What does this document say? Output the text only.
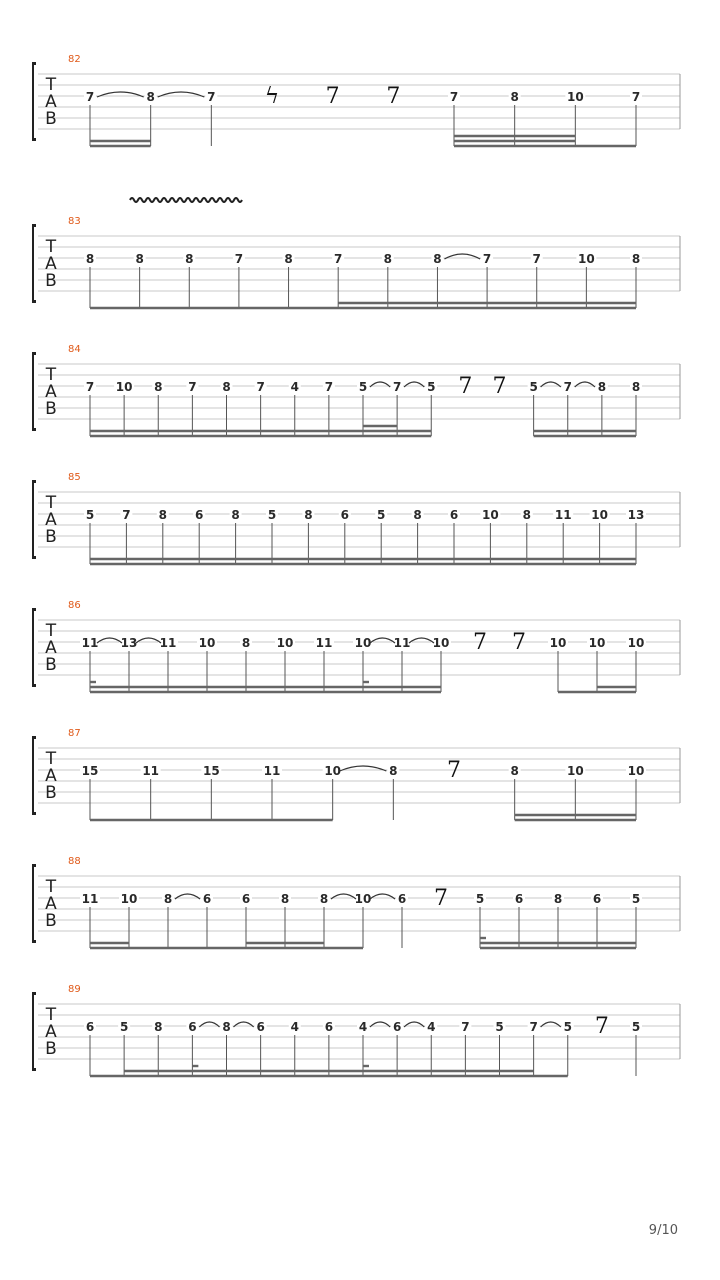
T
A
B
82
7	8	7 ϟ 7 7	7	8	10	7
T
A
B
83
8	8	8	7	8	7	8	8	7	7	10	8
T
A
B
84
7 10 8 7 8 7 4 7 5 7 5 7 7 5 7 8 8
T
A
B
85
5 7 8 6 8 5 8 6 5 8 6 10 8 11 10 13
T
A
B
86
11 13 11 10 8 10 11 10 11 10 7 7 10 10 10
T
A
B
87
15	11	15	11	10	8 7	8	10	10
T
A
B
88
11 10 8	6	6	8	8 10 6 7 5	6	8	6	5
T
A
B
89
6 5 8 6 8 6 4 6 4 6 4 7 5 7 5 7 5
9/10
